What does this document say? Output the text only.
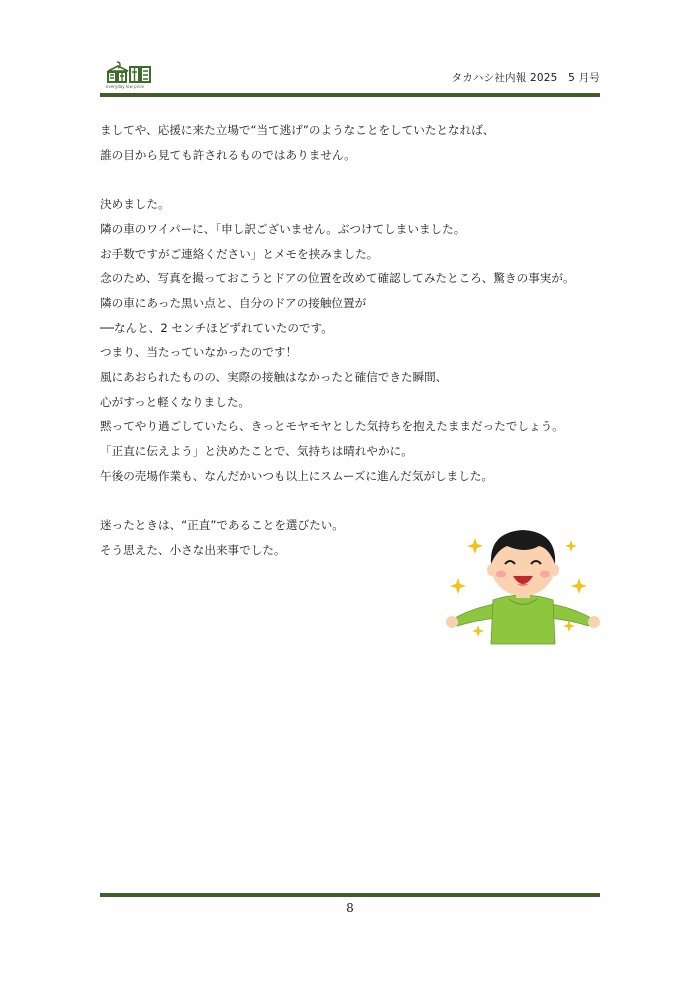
everyday low price
タカハシ社内報 2025　5 月号

ましてや、応援に来た立場で“当て逃げ”のようなことをしていたとなれば、

誰の目から見ても許されるものではありません。

決めました。

隣の車のワイパーに、「申し訳ございません。ぶつけてしまいました。

お手数ですがご連絡ください」とメモを挟みました。

念のため、写真を撮っておこうとドアの位置を改めて確認してみたところ、驚きの事実が。

隣の車にあった黒い点と、自分のドアの接触位置が

──なんと、2 センチほどずれていたのです。

つまり、当たっていなかったのです！

風にあおられたものの、実際の接触はなかったと確信できた瞬間、

心がすっと軽くなりました。

黙ってやり過ごしていたら、きっとモヤモヤとした気持ちを抱えたままだったでしょう。

「正直に伝えよう」と決めたことで、気持ちは晴れやかに。

午後の売場作業も、なんだかいつも以上にスムーズに進んだ気がしました。

迷ったときは、“正直”であることを選びたい。

そう思えた、小さな出来事でした。

8
